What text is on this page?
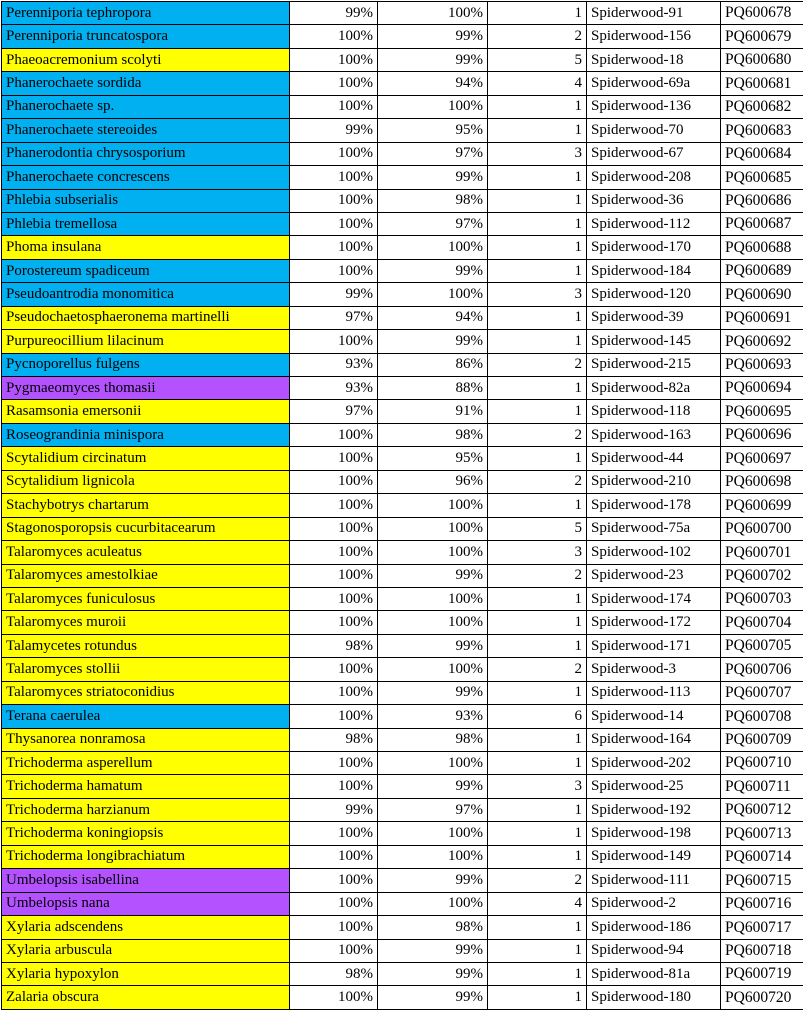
Perenniporia tephropora	99%	100%	1	Spiderwood-91	PQ600678
Perenniporia truncatospora	100%	99%	2	Spiderwood-156	PQ600679
Phaeoacremonium scolyti	100%	99%	5	Spiderwood-18	PQ600680
Phanerochaete sordida	100%	94%	4	Spiderwood-69a	PQ600681
Phanerochaete sp.	100%	100%	1	Spiderwood-136	PQ600682
Phanerochaete stereoides	99%	95%	1	Spiderwood-70	PQ600683
Phanerodontia chrysosporium	100%	97%	3	Spiderwood-67	PQ600684
Phanerochaete concrescens	100%	99%	1	Spiderwood-208	PQ600685
Phlebia subserialis	100%	98%	1	Spiderwood-36	PQ600686
Phlebia tremellosa	100%	97%	1	Spiderwood-112	PQ600687
Phoma insulana	100%	100%	1	Spiderwood-170	PQ600688
Porostereum spadiceum	100%	99%	1	Spiderwood-184	PQ600689
Pseudoantrodia monomitica	99%	100%	3	Spiderwood-120	PQ600690
Pseudochaetosphaeronema martinelli	97%	94%	1	Spiderwood-39	PQ600691
Purpureocillium lilacinum	100%	99%	1	Spiderwood-145	PQ600692
Pycnoporellus fulgens	93%	86%	2	Spiderwood-215	PQ600693
Pygmaeomyces thomasii	93%	88%	1	Spiderwood-82a	PQ600694
Rasamsonia emersonii	97%	91%	1	Spiderwood-118	PQ600695
Roseograndinia minispora	100%	98%	2	Spiderwood-163	PQ600696
Scytalidium circinatum	100%	95%	1	Spiderwood-44	PQ600697
Scytalidium lignicola	100%	96%	2	Spiderwood-210	PQ600698
Stachybotrys chartarum	100%	100%	1	Spiderwood-178	PQ600699
Stagonosporopsis cucurbitacearum	100%	100%	5	Spiderwood-75a	PQ600700
Talaromyces aculeatus	100%	100%	3	Spiderwood-102	PQ600701
Talaromyces amestolkiae	100%	99%	2	Spiderwood-23	PQ600702
Talaromyces funiculosus	100%	100%	1	Spiderwood-174	PQ600703
Talaromyces muroii	100%	100%	1	Spiderwood-172	PQ600704
Talamycetes rotundus	98%	99%	1	Spiderwood-171	PQ600705
Talaromyces stollii	100%	100%	2	Spiderwood-3	PQ600706
Talaromyces striatoconidius	100%	99%	1	Spiderwood-113	PQ600707
Terana caerulea	100%	93%	6	Spiderwood-14	PQ600708
Thysanorea nonramosa	98%	98%	1	Spiderwood-164	PQ600709
Trichoderma asperellum	100%	100%	1	Spiderwood-202	PQ600710
Trichoderma hamatum	100%	99%	3	Spiderwood-25	PQ600711
Trichoderma harzianum	99%	97%	1	Spiderwood-192	PQ600712
Trichoderma koningiopsis	100%	100%	1	Spiderwood-198	PQ600713
Trichoderma longibrachiatum	100%	100%	1	Spiderwood-149	PQ600714
Umbelopsis isabellina	100%	99%	2	Spiderwood-111	PQ600715
Umbelopsis nana	100%	100%	4	Spiderwood-2	PQ600716
Xylaria adscendens	100%	98%	1	Spiderwood-186	PQ600717
Xylaria arbuscula	100%	99%	1	Spiderwood-94	PQ600718
Xylaria hypoxylon	98%	99%	1	Spiderwood-81a	PQ600719
Zalaria obscura	100%	99%	1	Spiderwood-180	PQ600720
